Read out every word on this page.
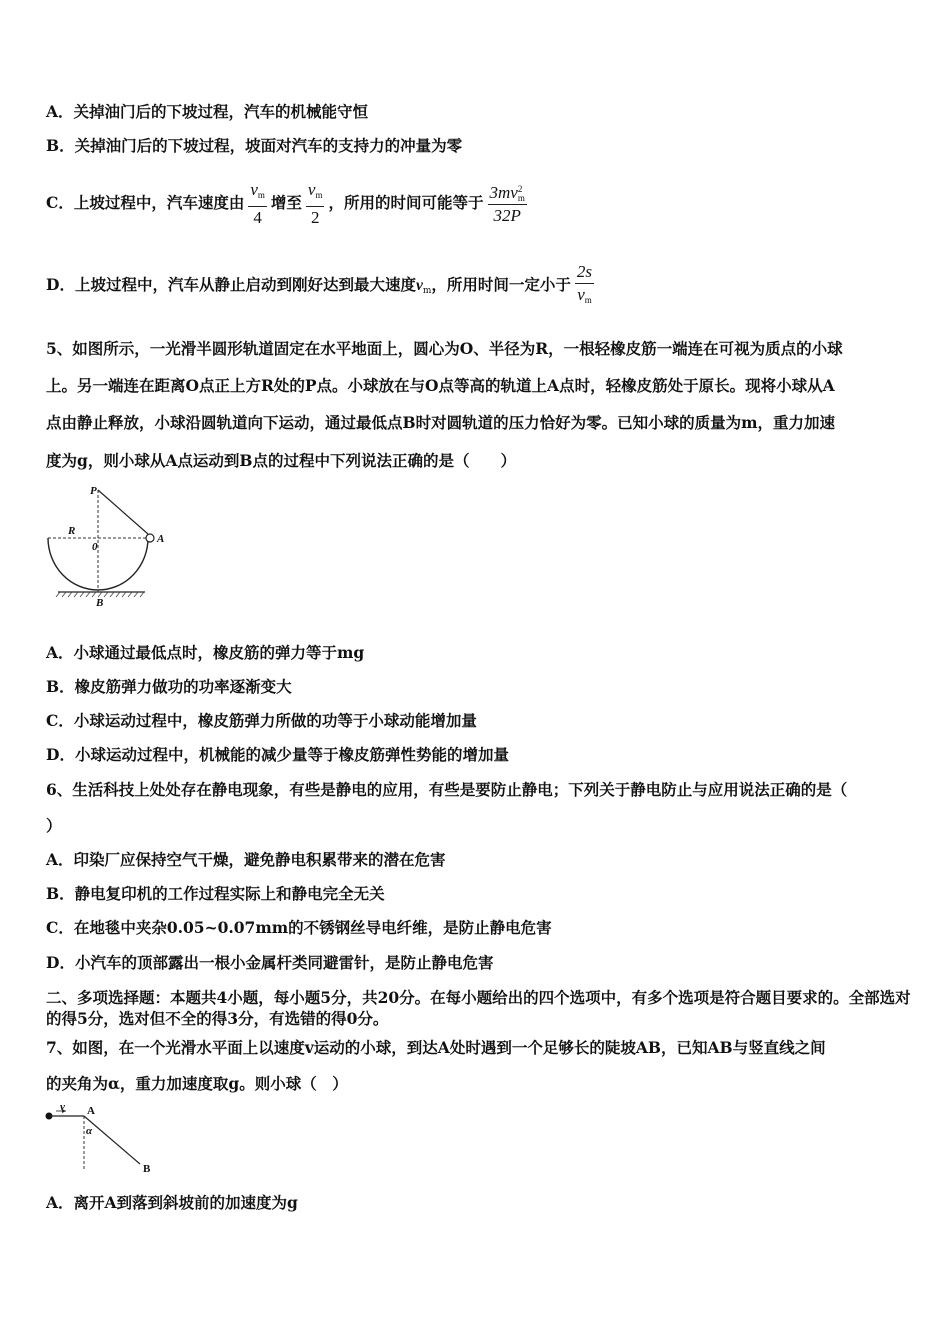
A．关掉油门后的下坡过程，汽车的机械能守恒
B．关掉油门后的下坡过程，坡面对汽车的支持力的冲量为零
C．上坡过程中，汽车速度由 $\frac{v_m}{4}$ 增至 $\frac{v_m}{2}$ ，所用的时间可能等于 3mv 2
m
32P
D．上坡过程中，汽车从静止启动到刚好达到最大速度$v_m$，所用时间一定小于 $\frac{2s}{v_m}$
5、如图所示，一光滑半圆形轨道固定在水平地面上，圆心为O、半径为R，一根轻橡皮筋一端连在可视为质点的小球
上。另一端连在距离O点正上方R处的P点。小球放在与O点等高的轨道上A点时，轻橡皮筋处于原长。现将小球从A
点由静止释放，小球沿圆轨道向下运动，通过最低点B时对圆轨道的压力恰好为零。已知小球的质量为m，重力加速
度为g，则小球从A点运动到B点的过程中下列说法正确的是（　　）
P
R
0
A
B
A．小球通过最低点时，橡皮筋的弹力等于mg
B．橡皮筋弹力做功的功率逐渐变大
C．小球运动过程中，橡皮筋弹力所做的功等于小球动能增加量
D．小球运动过程中，机械能的减少量等于橡皮筋弹性势能的增加量
6、生活科技上处处存在静电现象，有些是静电的应用，有些是要防止静电；下列关于静电防止与应用说法正确的是（
）
A．印染厂应保持空气干燥，避免静电积累带来的潜在危害
B．静电复印机的工作过程实际上和静电完全无关
C．在地毯中夹杂0.05~0.07mm的不锈钢丝导电纤维，是防止静电危害
D．小汽车的顶部露出一根小金属杆类同避雷针，是防止静电危害
二、多项选择题：本题共4小题，每小题5分，共20分。在每小题给出的四个选项中，有多个选项是符合题目要求的。全部选对的得5分，选对但不全的得3分，有选错的得0分。
7、如图，在一个光滑水平面上以速度v运动的小球，到达A处时遇到一个足够长的陡坡AB，已知AB与竖直线之间
的夹角为α，重力加速度取g。则小球（　）
v A
α
B
A．离开A到落到斜坡前的加速度为g
